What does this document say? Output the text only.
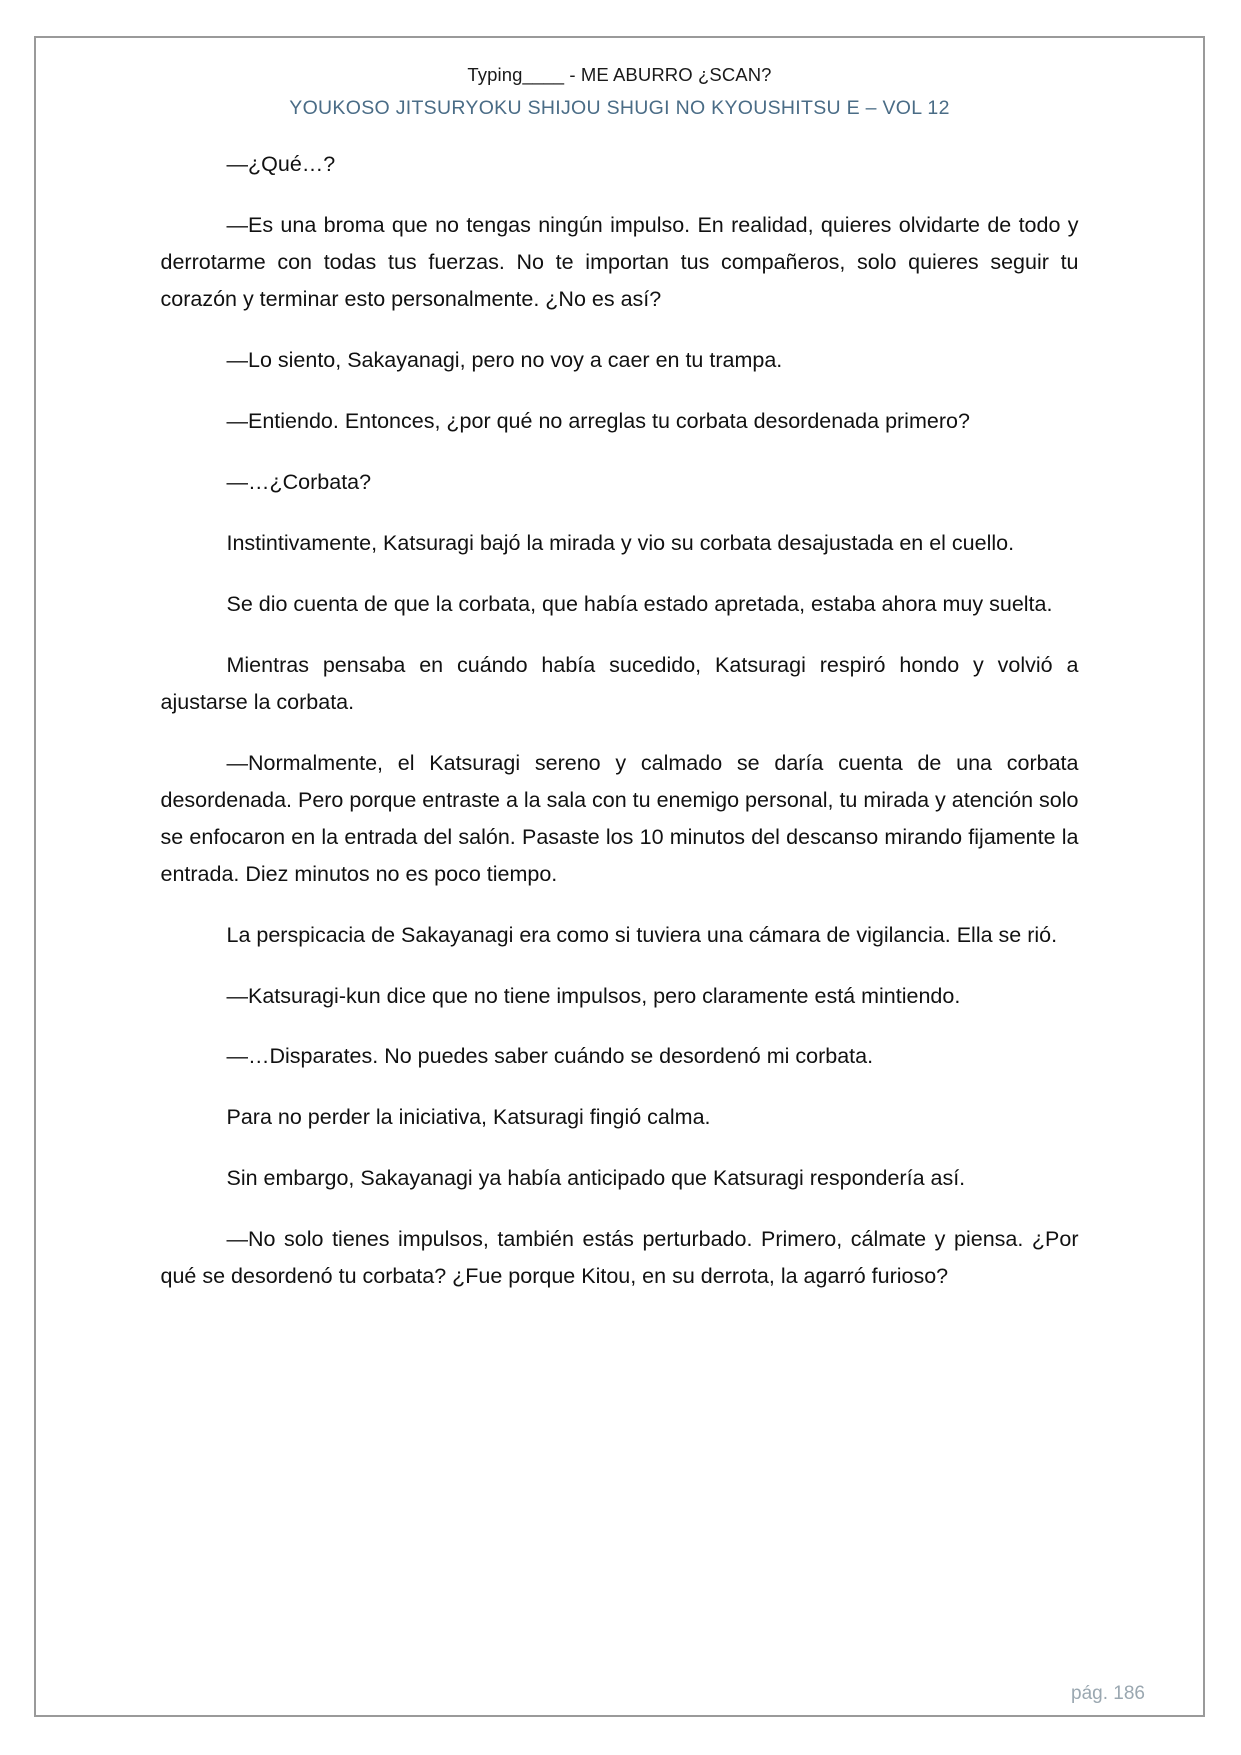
Typing____ - ME ABURRO ¿SCAN?
YOUKOSO JITSURYOKU SHIJOU SHUGI NO KYOUSHITSU E – VOL 12

—¿Qué…?

—Es una broma que no tengas ningún impulso. En realidad, quieres olvidarte de todo y derrotarme con todas tus fuerzas. No te importan tus compañeros, solo quieres seguir tu corazón y terminar esto personalmente. ¿No es así?

—Lo siento, Sakayanagi, pero no voy a caer en tu trampa.

—Entiendo. Entonces, ¿por qué no arreglas tu corbata desordenada primero?

—…¿Corbata?

Instintivamente, Katsuragi bajó la mirada y vio su corbata desajustada en el cuello.

Se dio cuenta de que la corbata, que había estado apretada, estaba ahora muy suelta.

Mientras pensaba en cuándo había sucedido, Katsuragi respiró hondo y volvió a ajustarse la corbata.

—Normalmente, el Katsuragi sereno y calmado se daría cuenta de una corbata desordenada. Pero porque entraste a la sala con tu enemigo personal, tu mirada y atención solo se enfocaron en la entrada del salón. Pasaste los 10 minutos del descanso mirando fijamente la entrada. Diez minutos no es poco tiempo.

La perspicacia de Sakayanagi era como si tuviera una cámara de vigilancia. Ella se rió.

—Katsuragi-kun dice que no tiene impulsos, pero claramente está mintiendo.

—…Disparates. No puedes saber cuándo se desordenó mi corbata.

Para no perder la iniciativa, Katsuragi fingió calma.

Sin embargo, Sakayanagi ya había anticipado que Katsuragi respondería así.

—No solo tienes impulsos, también estás perturbado. Primero, cálmate y piensa. ¿Por qué se desordenó tu corbata? ¿Fue porque Kitou, en su derrota, la agarró furioso?

pág. 186
